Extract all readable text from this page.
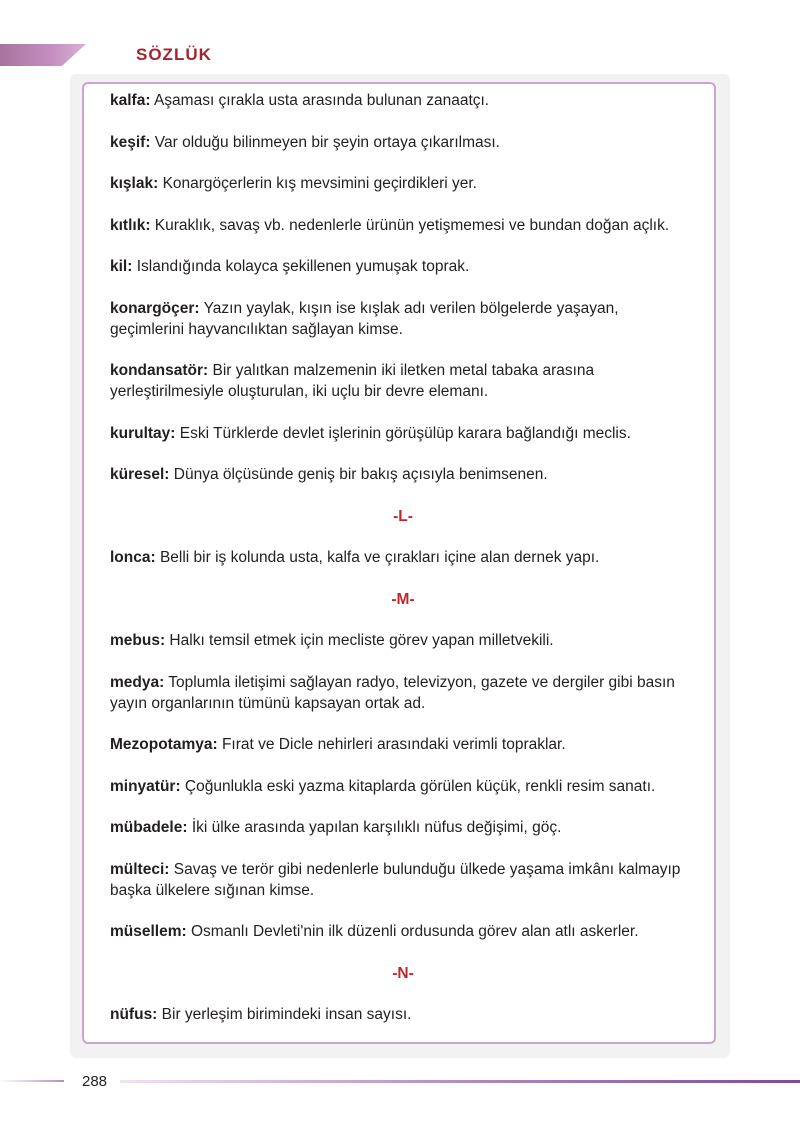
SÖZLÜK
kalfa: Aşaması çırakla usta arasında bulunan zanaatçı.
keşif: Var olduğu bilinmeyen bir şeyin ortaya çıkarılması.
kışlak: Konargöçerlerin kış mevsimini geçirdikleri yer.
kıtlık: Kuraklık, savaş vb. nedenlerle ürünün yetişmemesi ve bundan doğan açlık.
kil: Islandığında kolayca şekillenen yumuşak toprak.
konargöçer: Yazın yaylak, kışın ise kışlak adı verilen bölgelerde yaşayan, geçimlerini hayvancılıktan sağlayan kimse.
kondansatör: Bir yalıtkan malzemenin iki iletken metal tabaka arasına yerleştirilmesiyle oluşturulan, iki uçlu bir devre elemanı.
kurultay: Eski Türklerde devlet işlerinin görüşülüp karara bağlandığı meclis.
küresel: Dünya ölçüsünde geniş bir bakış açısıyla benimsenen.
-L-
lonca: Belli bir iş kolunda usta, kalfa ve çırakları içine alan dernek yapı.
-M-
mebus: Halkı temsil etmek için mecliste görev yapan milletvekili.
medya: Toplumla iletişimi sağlayan radyo, televizyon, gazete ve dergiler gibi basın yayın organlarının tümünü kapsayan ortak ad.
Mezopotamya: Fırat ve Dicle nehirleri arasındaki verimli topraklar.
minyatür: Çoğunlukla eski yazma kitaplarda görülen küçük, renkli resim sanatı.
mübadele: İki ülke arasında yapılan karşılıklı nüfus değişimi, göç.
mülteci: Savaş ve terör gibi nedenlerle bulunduğu ülkede yaşama imkânı kalmayıp başka ülkelere sığınan kimse.
müsellem: Osmanlı Devleti'nin ilk düzenli ordusunda görev alan atlı askerler.
-N-
nüfus: Bir yerleşim birimindeki insan sayısı.
288
